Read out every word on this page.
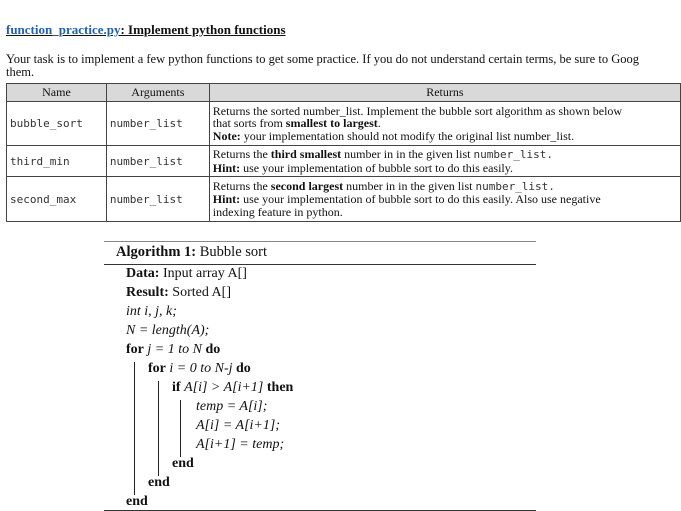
function_practice.py: Implement python functions
Your task is to implement a few python functions to get some practice. If you do not understand certain terms, be sure to Goog
them.
Name	Arguments	Returns
bubble_sort	number_list	Returns the sorted number_list. Implement the bubble sort algorithm as shown below
that sorts from smallest to largest.
Note: your implementation should not modify the original list number_list.

third_min	number_list	Returns the third smallest number in in the given list number_list.
Hint: use your implementation of bubble sort to do this easily.

second_max	number_list	Returns the second largest number in in the given list number_list.
Hint: use your implementation of bubble sort to do this easily. Also use negative
indexing feature in python.
Algorithm 1: Bubble sort
Data: Input array A[]
Result: Sorted A[]
int i, j, k;
N = length(A);
for j = 1 to N do
for i = 0 to N-j do
if A[i] > A[i+1] then
temp = A[i];
A[i] = A[i+1];
A[i+1] = temp;
end
end
end
